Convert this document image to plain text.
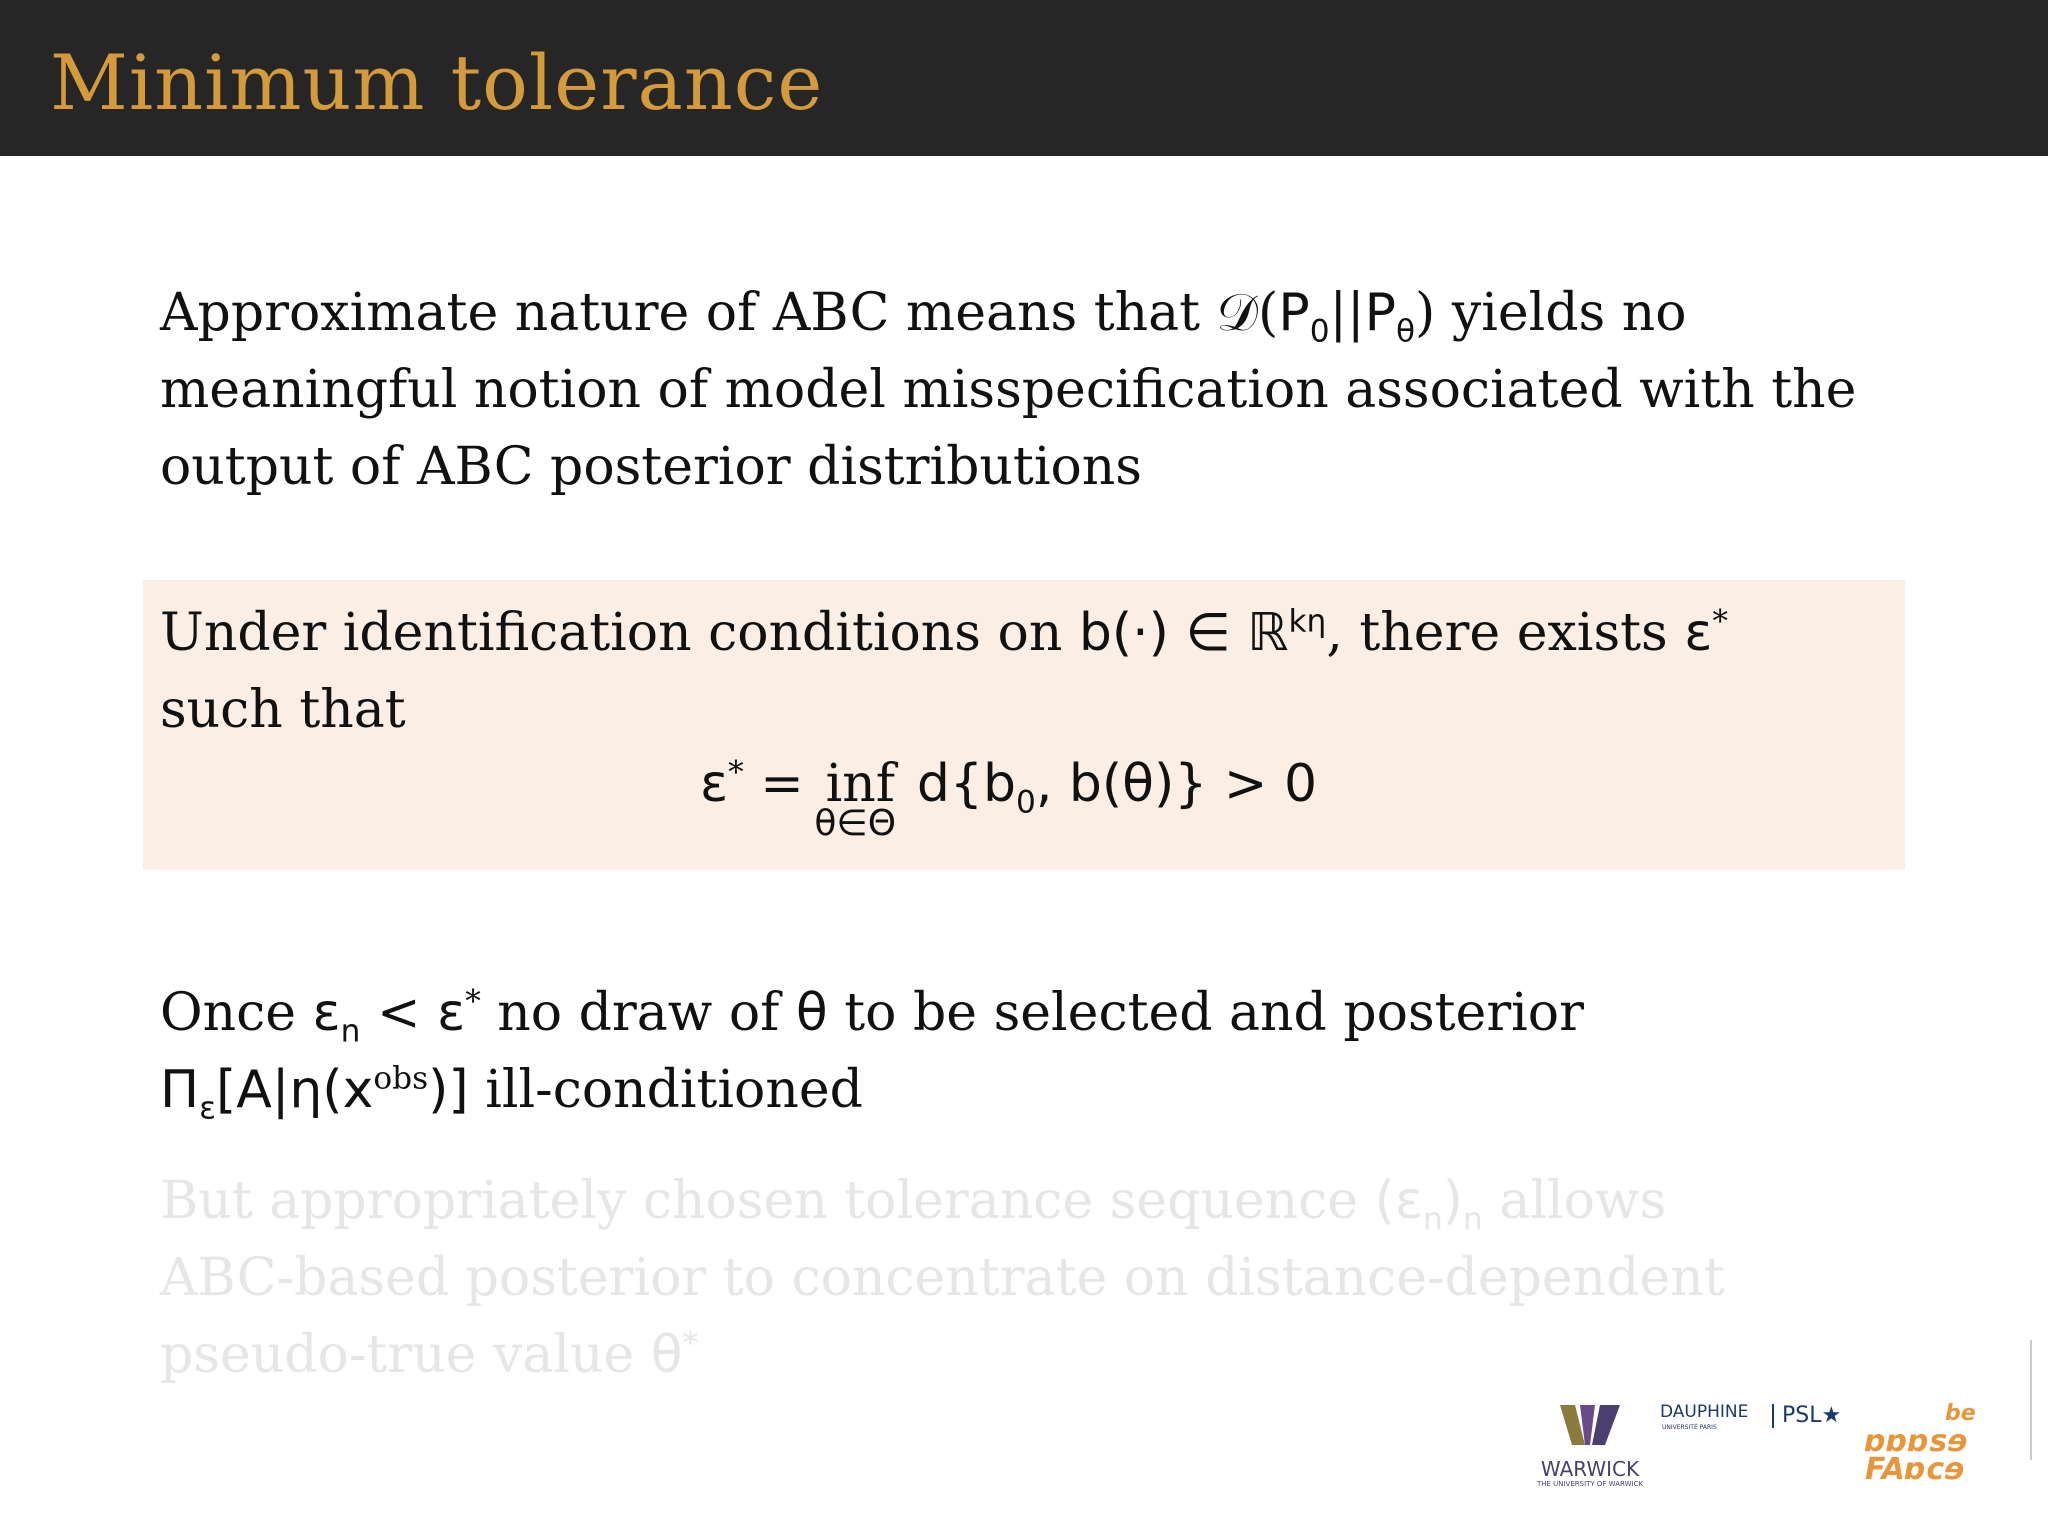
Minimum tolerance
Approximate nature of ABC means that $𝒟(P_0||P_\theta)$ yields no
meaningful notion of model misspecification associated with the
output of ABC posterior distributions
Under identification conditions on b(·) ∈ ℝ$^{k\eta}$, there exists ε*
such that
ε* = inf
θ∈Θ
$d\{b_0$, b(θ)} > 0
Once $\varepsilon_n < \varepsilon^*$ no draw of θ to be selected and posterior
$\Pi_\varepsilon[A|\eta(x^{obs})]$ ill-conditioned
But appropriately chosen tolerance sequence $(\varepsilon_n)_n$ allows
ABC-based posterior to concentrate on distance-dependent
pseudo-true value θ*
WARWICK
THE UNIVERSITY OF WARWICK
DAUPHINE
UNIVERSITÉ PARIS	PSL★	be
ɒɒɒsɘ
FAɒcɘ
